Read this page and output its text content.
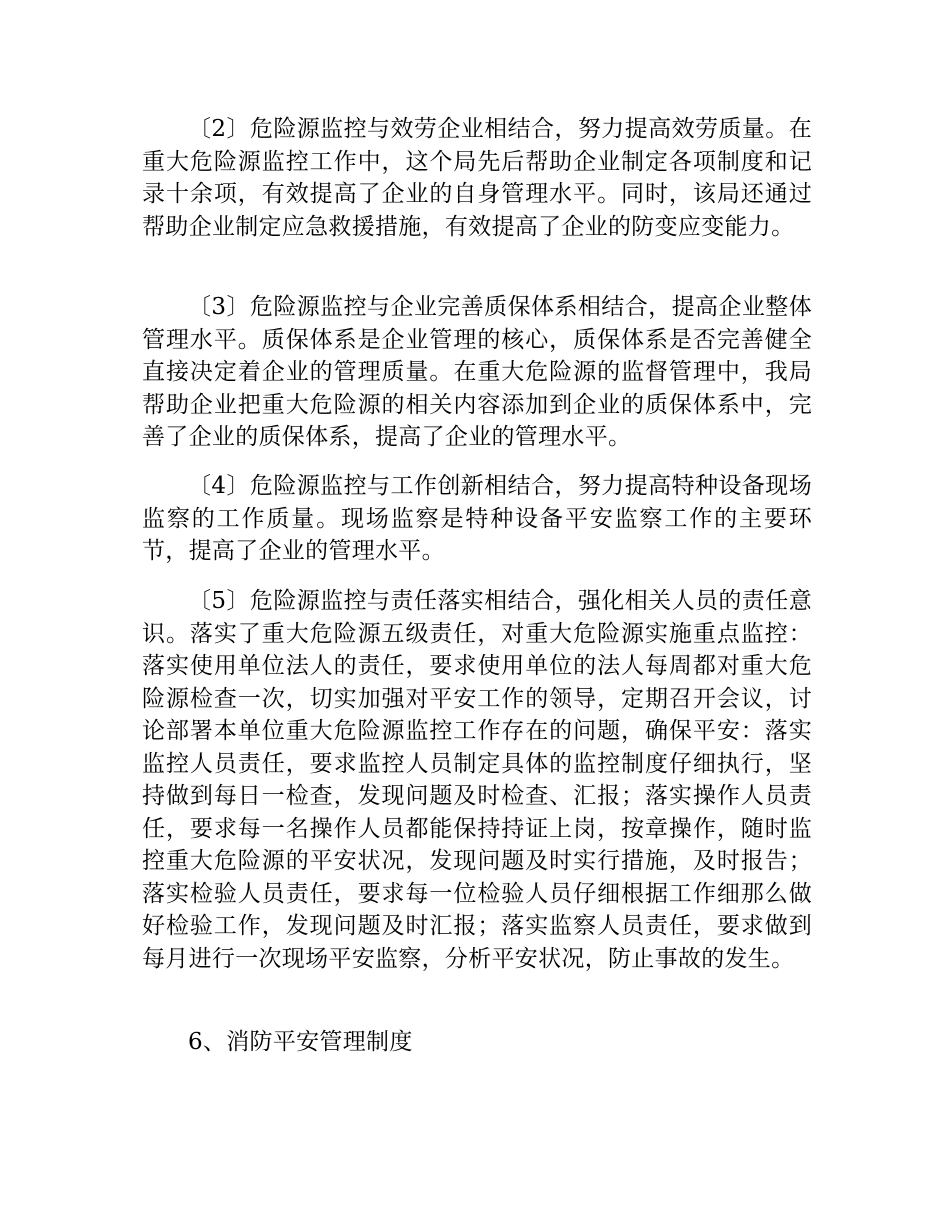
〔2〕危险源监控与效劳企业相结合，努力提高效劳质量。在重大危险源监控工作中，这个局先后帮助企业制定各项制度和记录十余项，有效提高了企业的自身管理水平。同时，该局还通过帮助企业制定应急救援措施，有效提高了企业的防变应变能力。

〔3〕危险源监控与企业完善质保体系相结合，提高企业整体管理水平。质保体系是企业管理的核心，质保体系是否完善健全直接决定着企业的管理质量。在重大危险源的监督管理中，我局帮助企业把重大危险源的相关内容添加到企业的质保体系中，完善了企业的质保体系，提高了企业的管理水平。

〔4〕危险源监控与工作创新相结合，努力提高特种设备现场监察的工作质量。现场监察是特种设备平安监察工作的主要环节，提高了企业的管理水平。

〔5〕危险源监控与责任落实相结合，强化相关人员的责任意识。落实了重大危险源五级责任，对重大危险源实施重点监控：落实使用单位法人的责任，要求使用单位的法人每周都对重大危险源检查一次，切实加强对平安工作的领导，定期召开会议，讨论部署本单位重大危险源监控工作存在的问题，确保平安：落实监控人员责任，要求监控人员制定具体的监控制度仔细执行，坚持做到每日一检查，发现问题及时检查、汇报；落实操作人员责任，要求每一名操作人员都能保持持证上岗，按章操作，随时监控重大危险源的平安状况，发现问题及时实行措施，及时报告；落实检验人员责任，要求每一位检验人员仔细根据工作细那么做好检验工作，发现问题及时汇报；落实监察人员责任，要求做到每月进行一次现场平安监察，分析平安状况，防止事故的发生。

6、消防平安管理制度
